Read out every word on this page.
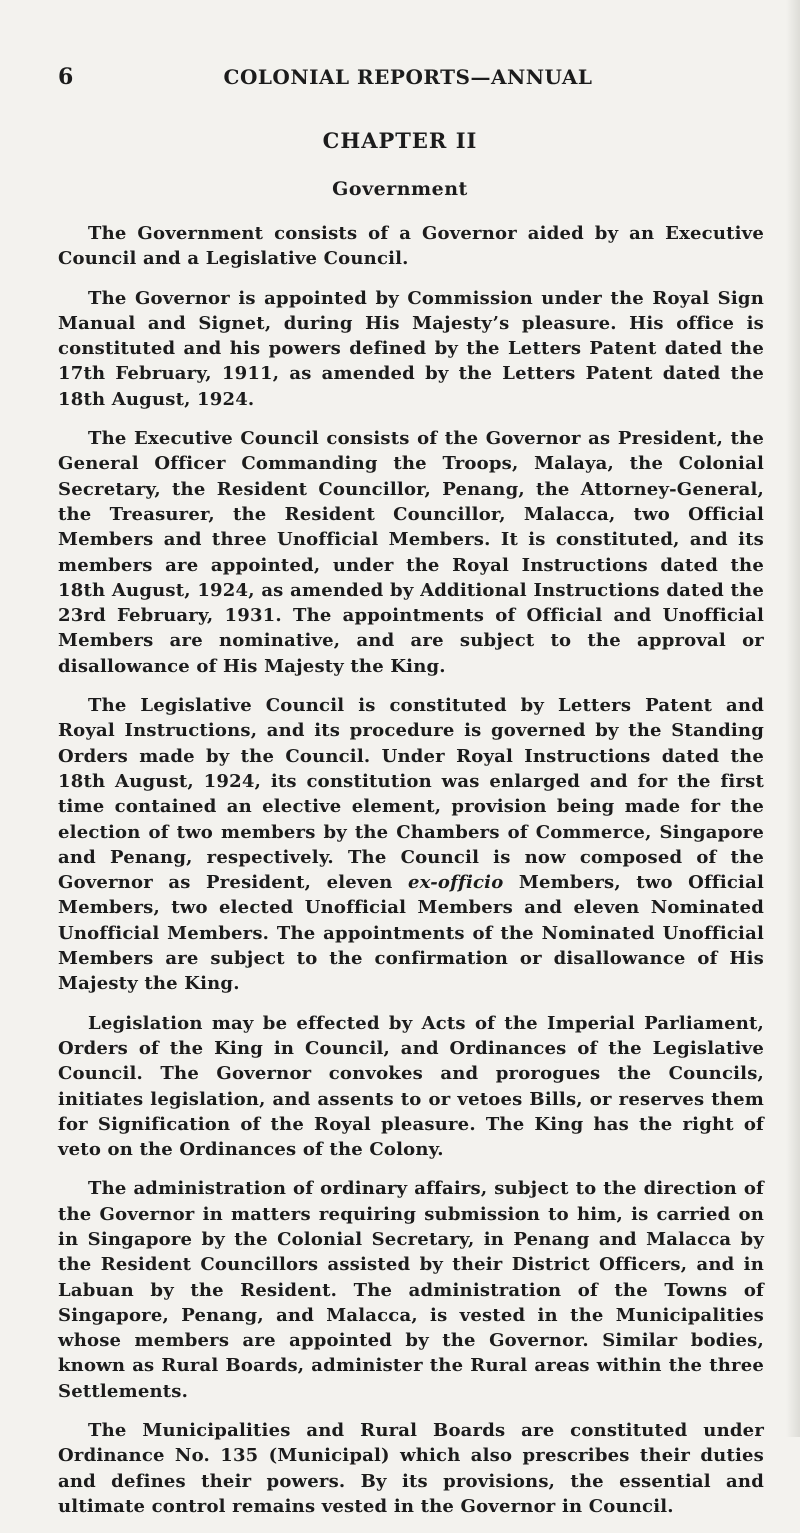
6	COLONIAL REPORTS—ANNUAL
CHAPTER II
Government

The Government consists of a Governor aided by an Executive Council and a Legislative Council.

The Governor is appointed by Commission under the Royal Sign Manual and Signet, during His Majesty’s pleasure. His office is constituted and his powers defined by the Letters Patent dated the 17th February, 1911, as amended by the Letters Patent dated the 18th August, 1924.

The Executive Council consists of the Governor as President, the General Officer Commanding the Troops, Malaya, the Colonial Secretary, the Resident Councillor, Penang, the Attorney-General, the Treasurer, the Resident Councillor, Malacca, two Official Members and three Unofficial Members. It is constituted, and its members are appointed, under the Royal Instructions dated the 18th August, 1924, as amended by Additional Instructions dated the 23rd February, 1931. The appointments of Official and Unofficial Members are nominative, and are subject to the approval or disallowance of His Majesty the King.

The Legislative Council is constituted by Letters Patent and Royal Instructions, and its procedure is governed by the Standing Orders made by the Council. Under Royal Instructions dated the 18th August, 1924, its constitution was enlarged and for the first time contained an elective element, provision being made for the election of two members by the Chambers of Commerce, Singapore and Penang, respectively. The Council is now composed of the Governor as President, eleven ex-officio Members, two Official Members, two elected Unofficial Members and eleven Nominated Unofficial Members. The appointments of the Nominated Unofficial Members are subject to the confirmation or disallowance of His Majesty the King.

Legislation may be effected by Acts of the Imperial Parliament, Orders of the King in Council, and Ordinances of the Legislative Council. The Governor convokes and prorogues the Councils, initiates legislation, and assents to or vetoes Bills, or reserves them for Signification of the Royal pleasure. The King has the right of veto on the Ordinances of the Colony.

The administration of ordinary affairs, subject to the direction of the Governor in matters requiring submission to him, is carried on in Singapore by the Colonial Secretary, in Penang and Malacca by the Resident Councillors assisted by their District Officers, and in Labuan by the Resident. The administration of the Towns of Singapore, Penang, and Malacca, is vested in the Municipalities whose members are appointed by the Governor. Similar bodies, known as Rural Boards, administer the Rural areas within the three Settlements.

The Municipalities and Rural Boards are constituted under Ordinance No. 135 (Municipal) which also prescribes their duties and defines their powers. By its provisions, the essential and ultimate control remains vested in the Governor in Council.
